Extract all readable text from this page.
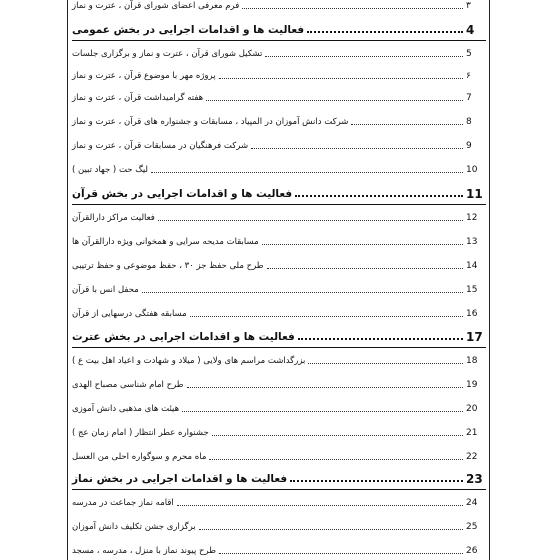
فرم معرفی اعضای شورای قرآن ، عترت و نماز	۳
فعالیت ها و اقدامات اجرایی در بخش عمومی	4
تشکیل شورای قرآن ، عترت و نماز و برگزاری جلسات	5
پروژه مهر با موضوع قرآن ، عترت و نماز	۶
هفته گرامیداشت قرآن ، عترت و نماز	7
شرکت دانش آموزان در المپیاد ، مسابقات و جشنواره های قرآن ، عترت و نماز	8
شرکت فرهنگیان در مسابقات قرآن ، عترت و نماز	9
لیگ حت ( جهاد تبین )	10
فعالیت ها و اقدامات اجرایی در بخش قرآن	11
فعالیت مراکز دارالقرآن	12
مسابقات مدیحه سرایی و همخوانی ویژه دارالقرآن ها	13
طرح ملی حفظ جز ۳۰ ، حفظ موضوعی و حفظ ترتیبی	14
محفل انس با قرآن	15
مسابقه هفتگی درسهایی از قرآن	16
فعالیت ها و اقدامات اجرایی در بخش عترت	17
بزرگداشت مراسم های ولایی ( میلاد و شهادت و اعیاد اهل بیت ع )	18
طرح امام شناسی مصباح الهدی	19
هیئت های مذهبی دانش آموزی	20
جشنواره عطر انتظار ( امام زمان عج )	21
ماه محرم و سوگواره احلی من العسل	22
فعالیت ها و اقدامات اجرایی در بخش نماز	23
اقامه نماز جماعت در مدرسه	24
برگزاری جشن تکلیف دانش آموزان	25
طرح پیوند نماز با منزل ، مدرسه ، مسجد	26
